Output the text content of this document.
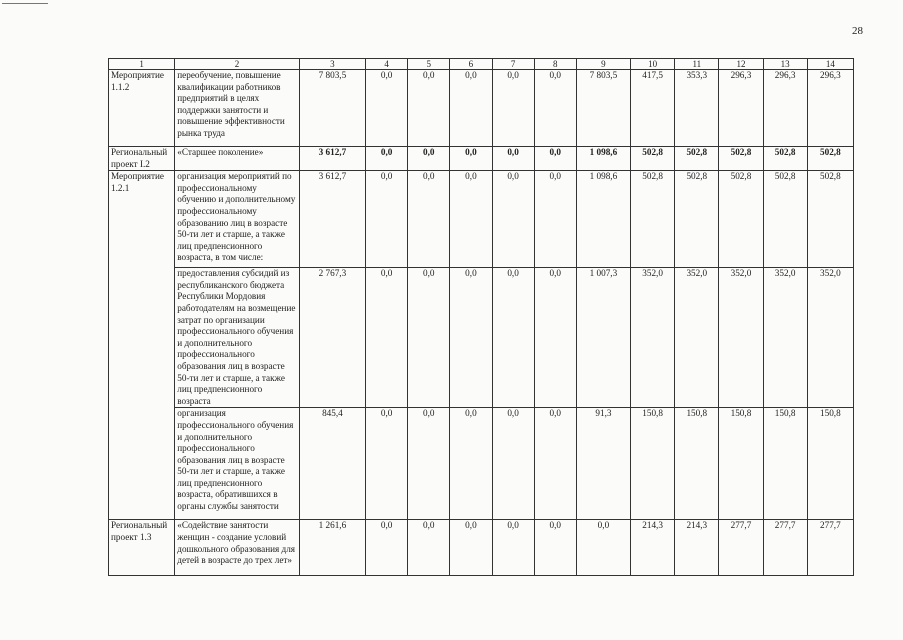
28
1	2	3	4	5	6	7	8	9	10	11	12	13	14
Мероприятие 1.1.2	переобучение, повышение квалификации работников предприятий в целях поддержки занятости и повышение эффективности рынка труда	7 803,5	0,0	0,0	0,0	0,0	0,0	7 803,5	417,5	353,3	296,3	296,3	296,3
Региональный проект I.2	«Старшее поколение»	3 612,7	0,0	0,0	0,0	0,0	0,0	1 098,6	502,8	502,8	502,8	502,8	502,8
Мероприятие 1.2.1	организация мероприятий по профессиональному обучению и дополнительному профессиональному образованию лиц в возрасте 50-ти лет и старше, а также лиц предпенсионного возраста, в том числе:	3 612,7	0,0	0,0	0,0	0,0	0,0	1 098,6	502,8	502,8	502,8	502,8	502,8
	предоставления субсидий из республиканского бюджета Республики Мордовия работодателям на возмещение затрат по организации профессионального обучения и дополнительного профессионального образования лиц в возрасте 50-ти лет и старше, а также лиц предпенсионного возраста	2 767,3	0,0	0,0	0,0	0,0	0,0	1 007,3	352,0	352,0	352,0	352,0	352,0
	организация профессионального обучения и дополнительного профессионального образования лиц в возрасте 50-ти лет и старше, а также лиц предпенсионного возраста, обратившихся в органы службы занятости	845,4	0,0	0,0	0,0	0,0	0,0	91,3	150,8	150,8	150,8	150,8	150,8
Региональный проект 1.3	«Содействие занятости женщин - создание условий дошкольного образования для детей в возрасте до трех лет»	1 261,6	0,0	0,0	0,0	0,0	0,0	0,0	214,3	214,3	277,7	277,7	277,7
